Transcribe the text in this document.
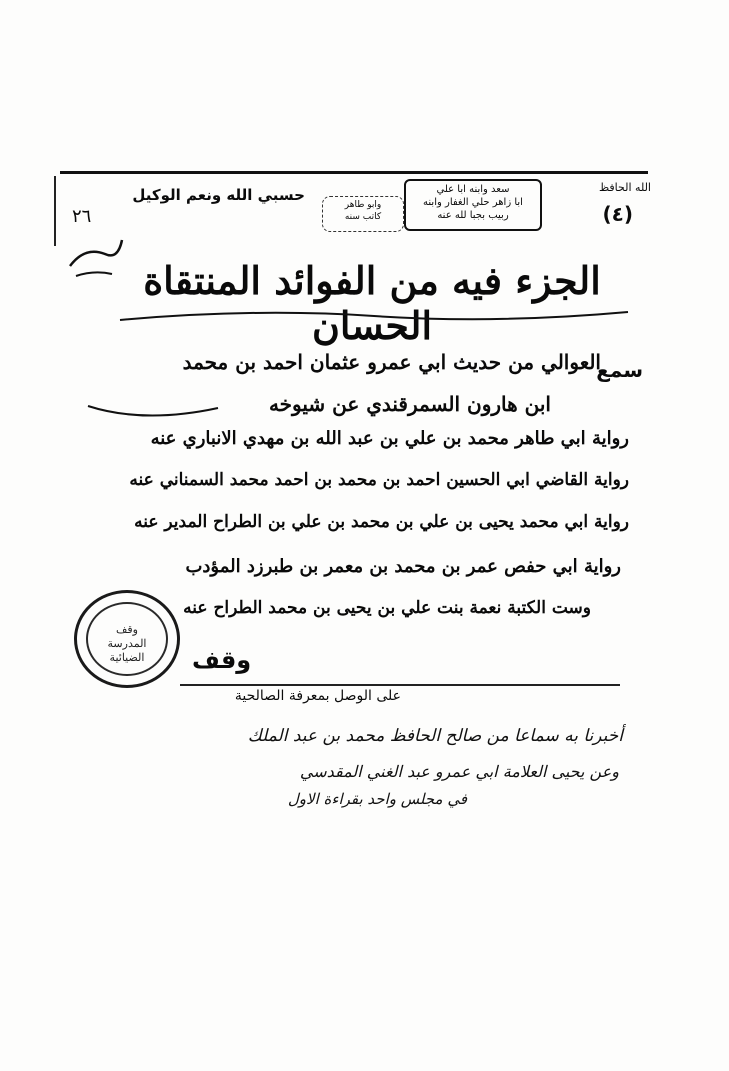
الله الحافظ
(٤)
سعد وابنه ابا علي
ابا زاهر حلي الغفار وابنه
ربيب بجبا لله عنه
وابو طاهر
كاتب سنه
حسبي الله ونعم الوكيل
٢٦
الجزء فيه من الفوائد المنتقاة الحسان
سمع
العوالي من حديث ابي عمرو عثمان احمد بن محمد
ابن هارون السمرقندي عن شيوخه
رواية ابي طاهر محمد بن علي بن عبد الله بن مهدي الانباري عنه
رواية القاضي ابي الحسين احمد بن محمد بن احمد محمد السمناني عنه
رواية ابي محمد يحيى بن علي بن محمد بن علي بن الطراح المدير عنه
رواية ابي حفص عمر بن محمد بن معمر بن طبرزد المؤدب
وست الكتبة نعمة بنت علي بن يحيى بن محمد الطراح عنه
وقف
المدرسة
الضيائية	وقف
على الوصل بمعرفة الصالحية
أخبرنا به سماعا من صالح الحافظ محمد بن عبد الملك
وعن يحيى العلامة ابي عمرو عبد الغني المقدسي
في مجلس واحد بقراءة الاول
